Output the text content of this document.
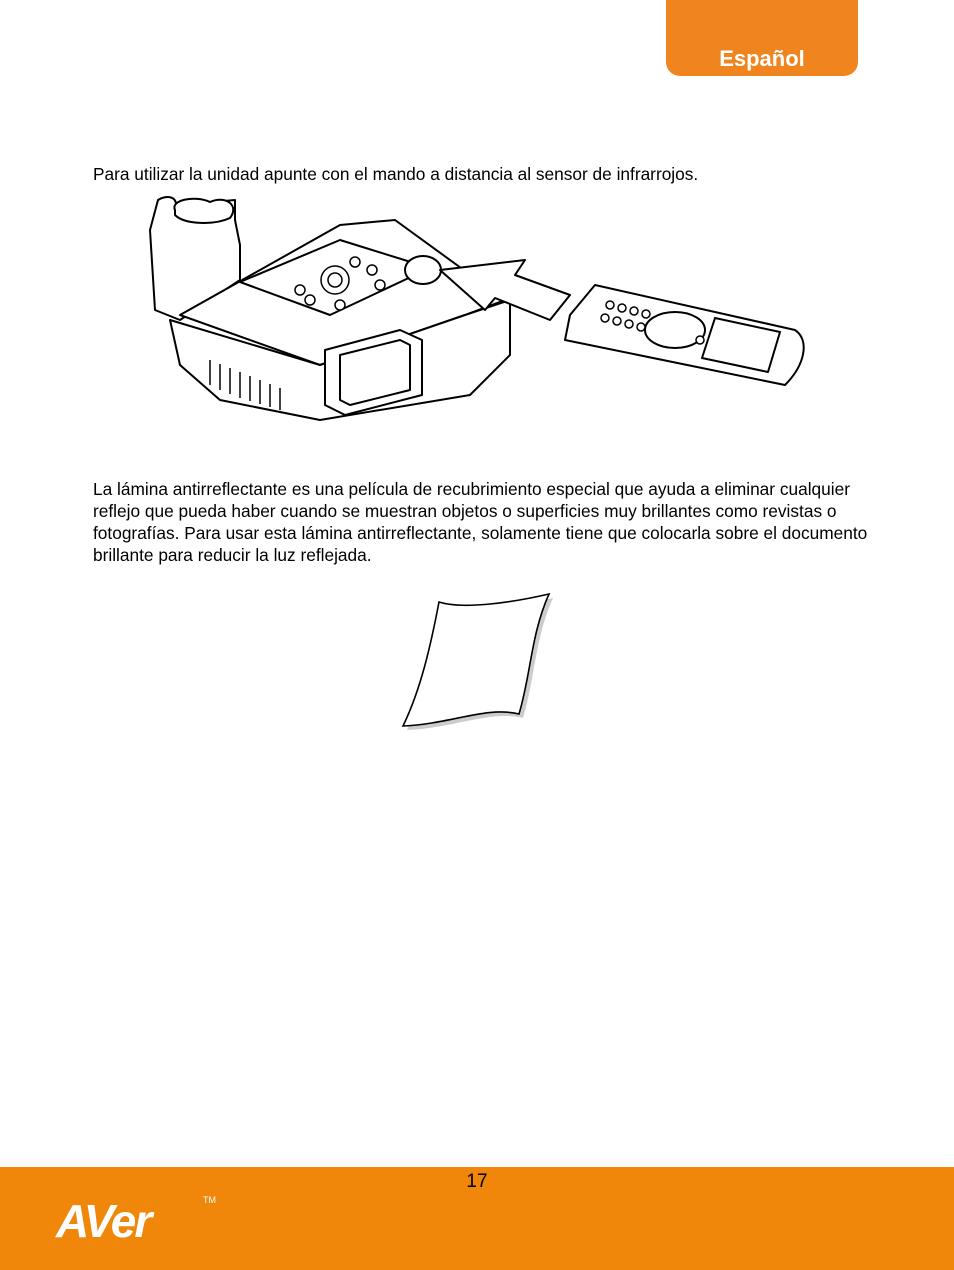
Español

Para utilizar la unidad apunte con el mando a distancia al sensor de infrarrojos.

La lámina antirreflectante es una película de recubrimiento especial que ayuda a eliminar cualquier reflejo que pueda haber cuando se muestran objetos o superficies muy brillantes como revistas o fotografías. Para usar esta lámina antirreflectante, solamente tiene que colocarla sobre el documento brillante para reducir la luz reflejada.

17
AVer	TM
